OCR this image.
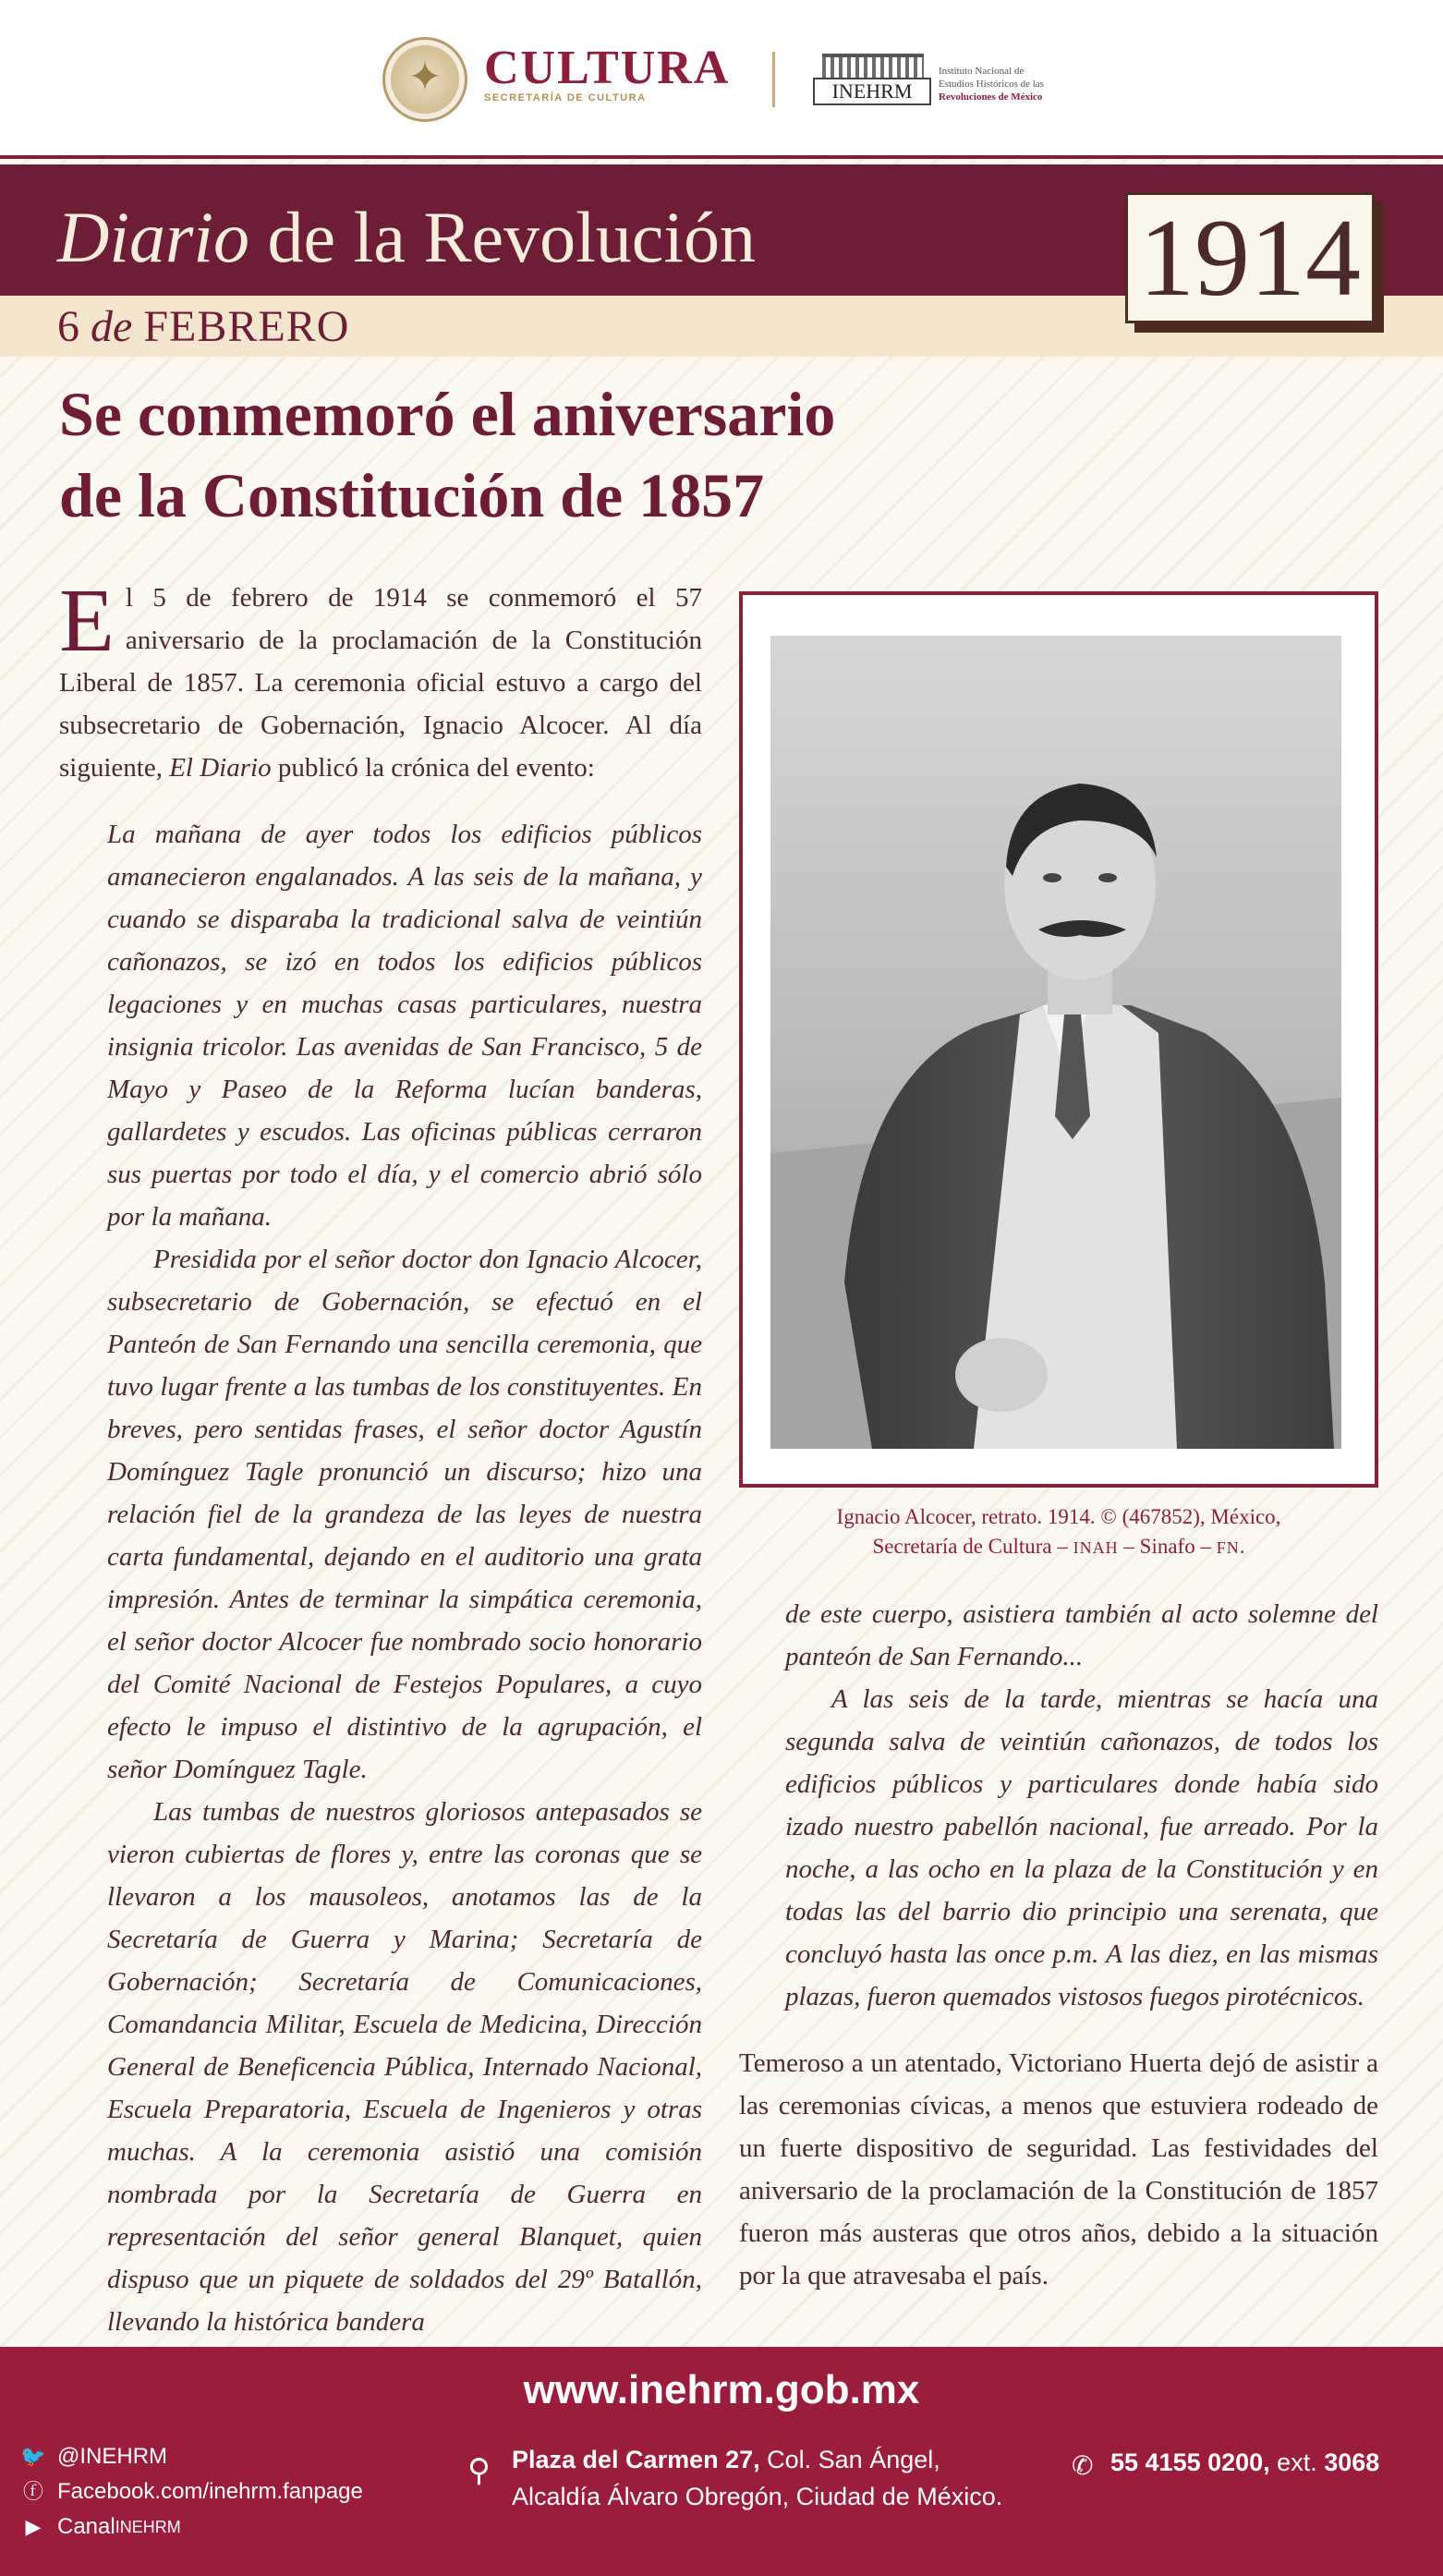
✦ CULTURA
SECRETARÍA DE CULTURA	INEHRM
Instituto Nacional de
Estudios Históricos de las
Revoluciones de México
Diario de la Revolución
6 de FEBRERO
1914
Se conmemoró el aniversario
de la Constitución de 1857
El 5 de febrero de 1914 se conmemoró el 57 aniversario de la proclamación de la Constitución Liberal de 1857. La ceremonia oficial estuvo a cargo del subsecretario de Gobernación, Ignacio Alcocer. Al día siguiente, El Diario publicó la crónica del evento:

La mañana de ayer todos los edificios públicos amanecieron engalanados. A las seis de la mañana, y cuando se disparaba la tradicional salva de veintiún cañonazos, se izó en todos los edificios públicos legaciones y en muchas casas particulares, nuestra insignia tricolor. Las avenidas de San Francisco, 5 de Mayo y Paseo de la Reforma lucían banderas, gallardetes y escudos. Las oficinas públicas cerraron sus puertas por todo el día, y el comercio abrió sólo por la mañana.

Presidida por el señor doctor don Ignacio Alcocer, subsecretario de Gobernación, se efectuó en el Panteón de San Fernando una sencilla ceremonia, que tuvo lugar frente a las tumbas de los constituyentes. En breves, pero sentidas frases, el señor doctor Agustín Domínguez Tagle pronunció un discurso; hizo una relación fiel de la grandeza de las leyes de nuestra carta fundamental, dejando en el auditorio una grata impresión. Antes de terminar la simpática ceremonia, el señor doctor Alcocer fue nombrado socio honorario del Comité Nacional de Festejos Populares, a cuyo efecto le impuso el distintivo de la agrupación, el señor Domínguez Tagle.

Las tumbas de nuestros gloriosos antepasados se vieron cubiertas de flores y, entre las coronas que se llevaron a los mausoleos, anotamos las de la Secretaría de Guerra y Marina; Secretaría de Gobernación; Secretaría de Comunicaciones, Comandancia Militar, Escuela de Medicina, Dirección General de Beneficencia Pública, Internado Nacional, Escuela Preparatoria, Escuela de Ingenieros y otras muchas. A la ceremonia asistió una comisión nombrada por la Secretaría de Guerra en representación del señor general Blanquet, quien dispuso que un piquete de soldados del 29º Batallón, llevando la histórica bandera

Ignacio Alcocer, retrato. 1914. © (467852), México,
Secretaría de Cultura – INAH – Sinafo – FN.

de este cuerpo, asistiera también al acto solemne del panteón de San Fernando...

A las seis de la tarde, mientras se hacía una segunda salva de veintiún cañonazos, de todos los edificios públicos y particulares donde había sido izado nuestro pabellón nacional, fue arreado. Por la noche, a las ocho en la plaza de la Constitución y en todas las del barrio dio principio una serenata, que concluyó hasta las once p.m. A las diez, en las mismas plazas, fueron quemados vistosos fuegos pirotécnicos.

Temeroso a un atentado, Victoriano Huerta dejó de asistir a las ceremonias cívicas, a menos que estuviera rodeado de un fuerte dispositivo de seguridad. Las festividades del aniversario de la proclamación de la Constitución de 1857 fueron más austeras que otros años, debido a la situación por la que atravesaba el país.
www.inehrm.gob.mx
🐦 @INEHRM
ⓕ Facebook.com/inehrm.fanpage
▶ Canal INEHRM
⚲ Plaza del Carmen 27, Col. San Ángel,
Alcaldía Álvaro Obregón, Ciudad de México.
✆ 55 4155 0200, ext. 3068
